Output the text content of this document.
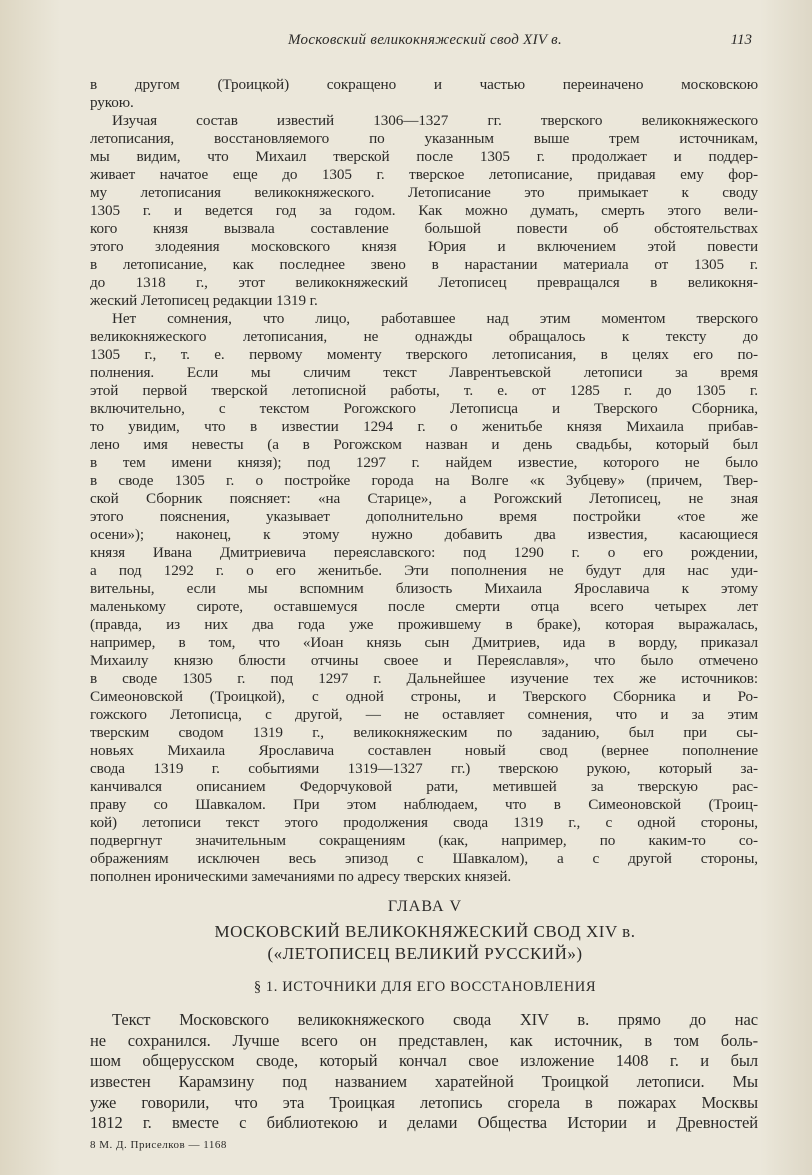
Московский великокняжеский свод XIV в.	113
в другом (Троицкой) сокращено и частью переиначено московскою
рукою.
Изучая состав известий 1306—1327 гг. тверского великокняжеского
летописания, восстановляемого по указанным выше трем источникам,
мы видим, что Михаил тверской после 1305 г. продолжает и поддер-
живает начатое еще до 1305 г. тверское летописание, придавая ему фор-
му летописания великокняжеского. Летописание это примыкает к своду
1305 г. и ведется год за годом. Как можно думать, смерть этого вели-
кого князя вызвала составление большой повести об обстоятельствах
этого злодеяния московского князя Юрия и включением этой повести
в летописание, как последнее звено в нарастании материала от 1305 г.
до 1318 г., этот великокняжеский Летописец превращался в великокня-
жеский Летописец редакции 1319 г.
Нет сомнения, что лицо, работавшее над этим моментом тверского
великокняжеского летописания, не однажды обращалось к тексту до
1305 г., т. е. первому моменту тверского летописания, в целях его по-
полнения. Если мы сличим текст Лаврентьевской летописи за время
этой первой тверской летописной работы, т. е. от 1285 г. до 1305 г.
включительно, с текстом Рогожского Летописца и Тверского Сборника,
то увидим, что в известии 1294 г. о женитьбе князя Михаила прибав-
лено имя невесты (а в Рогожском назван и день свадьбы, который был
в тем имени князя); под 1297 г. найдем известие, которого не было
в своде 1305 г. о постройке города на Волге «к Зубцеву» (причем, Твер-
ской Сборник поясняет: «на Старице», а Рогожский Летописец, не зная
этого пояснения, указывает дополнительно время постройки «тое же
осени»); наконец, к этому нужно добавить два известия, касающиеся
князя Ивана Дмитриевича переяславского: под 1290 г. о его рождении,
а под 1292 г. о его женитьбе. Эти пополнения не будут для нас уди-
вительны, если мы вспомним близость Михаила Ярославича к этому
маленькому сироте, оставшемуся после смерти отца всего четырех лет
(правда, из них два года уже прожившему в браке), которая выражалась,
например, в том, что «Иоан князь сын Дмитриев, ида в ворду, приказал
Михаилу князю блюсти отчины своее и Переяславля», что было отмечено
в своде 1305 г. под 1297 г. Дальнейшее изучение тех же источников:
Симеоновской (Троицкой), с одной строны, и Тверского Сборника и Ро-
гожского Летописца, с другой, — не оставляет сомнения, что и за этим
тверским сводом 1319 г., великокняжеским по заданию, был при сы-
новьях Михаила Ярославича составлен новый свод (вернее пополнение
свода 1319 г. событиями 1319—1327 гг.) тверскою рукою, который за-
канчивался описанием Федорчуковой рати, метившей за тверскую рас-
праву со Шавкалом. При этом наблюдаем, что в Симеоновской (Троиц-
кой) летописи текст этого продолжения свода 1319 г., с одной стороны,
подвергнут значительным сокращениям (как, например, по каким-то со-
ображениям исключен весь эпизод с Шавкалом), а с другой стороны,
пополнен ироническими замечаниями по адресу тверских князей.
ГЛАВА V
МОСКОВСКИЙ ВЕЛИКОКНЯЖЕСКИЙ СВОД XIV в.
(«ЛЕТОПИСЕЦ ВЕЛИКИЙ РУССКИЙ»)
§ 1. ИСТОЧНИКИ ДЛЯ ЕГО ВОССТАНОВЛЕНИЯ
Текст Московского великокняжеского свода XIV в. прямо до нас
не сохранился. Лучше всего он представлен, как источник, в том боль-
шом общерусском своде, который кончал свое изложение 1408 г. и был
известен Карамзину под названием харатейной Троицкой летописи. Мы
уже говорили, что эта Троицкая летопись сгорела в пожарах Москвы
1812 г. вместе с библиотекою и делами Общества Истории и Древностей
8 М. Д. Приселков — 1168
